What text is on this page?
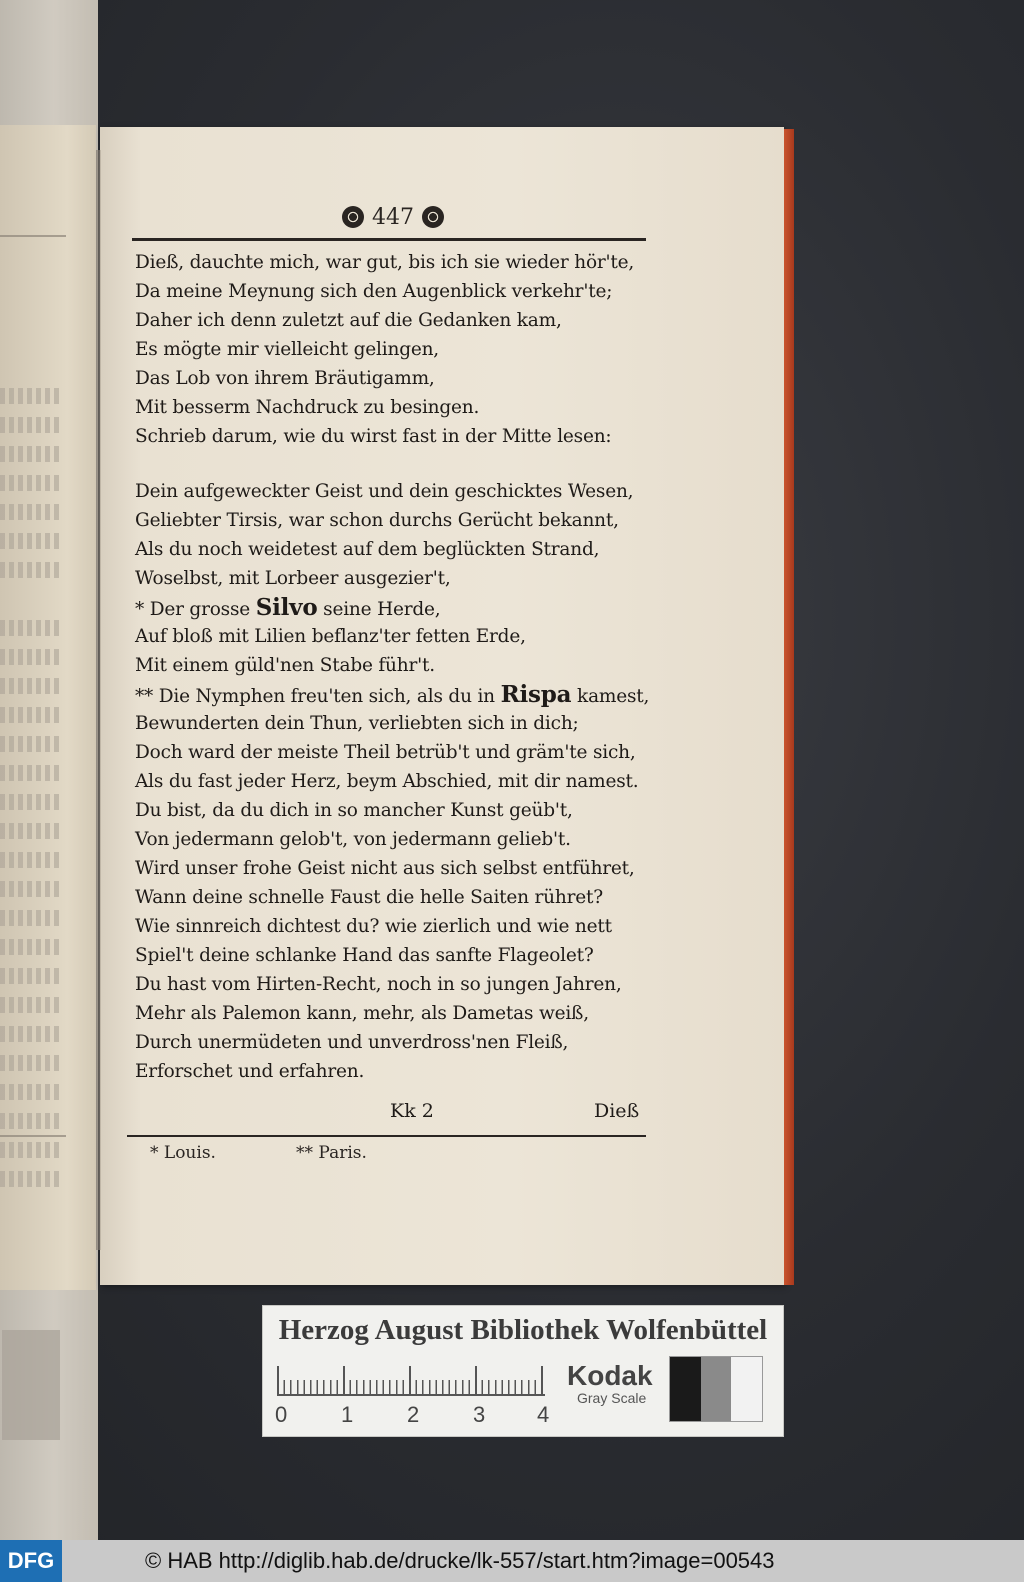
447
Dieß, dauchte mich, war gut, bis ich sie wieder hör'te,
Da meine Meynung sich den Augenblick verkehr'te;
Daher ich denn zuletzt auf die Gedanken kam,
Es mögte mir vielleicht gelingen,
Das Lob von ihrem Bräutigamm,
Mit besserm Nachdruck zu besingen.
Schrieb darum, wie du wirst fast in der Mitte lesen:
Dein aufgeweckter Geist und dein geschicktes Wesen,
Geliebter Tirsis, war schon durchs Gerücht bekannt,
Als du noch weidetest auf dem beglückten Strand,
Woselbst, mit Lorbeer ausgezier't,
* Der grosse Silvo seine Herde,
Auf bloß mit Lilien beflanz'ter fetten Erde,
Mit einem güld'nen Stabe führ't.
** Die Nymphen freu'ten sich, als du in Rispa kamest,
Bewunderten dein Thun, verliebten sich in dich;
Doch ward der meiste Theil betrüb't und gräm'te sich,
Als du fast jeder Herz, beym Abschied, mit dir namest.
Du bist, da du dich in so mancher Kunst geüb't,
Von jedermann gelob't, von jedermann gelieb't.
Wird unser frohe Geist nicht aus sich selbst entführet,
Wann deine schnelle Faust die helle Saiten rühret?
Wie sinnreich dichtest du? wie zierlich und wie nett
Spiel't deine schlanke Hand das sanfte Flageolet?
Du hast vom Hirten-Recht, noch in so jungen Jahren,
Mehr als Palemon kann, mehr, als Dametas weiß,
Durch unermüdeten und unverdross'nen Fleiß,
Erforschet und erfahren.
Kk 2	Dieß
* Louis.	** Paris.
Herzog August Bibliothek Wolfenbüttel
0 1 2 3 4
Kodak
Gray Scale
DFG	© HAB http://diglib.hab.de/drucke/lk-557/start.htm?image=00543
